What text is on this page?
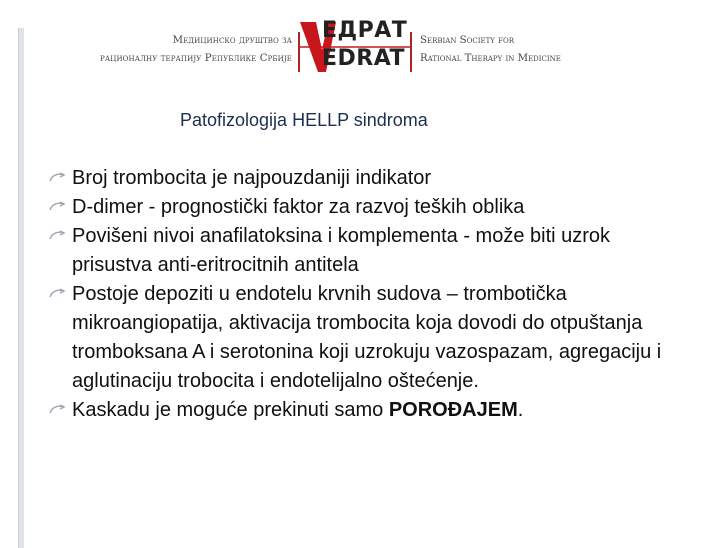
Медицинско друштво за
рационалну терапију Републике Србије
ЕДРАТ
EDRAT
Serbian Society for
Rational Therapy in Medicine
Patofizologija HELLP sindroma
Broj trombocita je najpouzdaniji indikator
D-dimer - prognostički faktor za razvoj teških oblika
Povišeni nivoi anafilatoksina i komplementa - može biti uzrok prisustva anti-eritrocitnih antitela
Postoje depoziti u endotelu krvnih sudova – trombotička mikroangiopatija, aktivacija trombocita koja dovodi do otpuštanja tromboksana A i serotonina koji uzrokuju vazospazam, agregaciju i aglutinaciju trobocita i endotelijalno oštećenje.
Kaskadu je moguće prekinuti samo POROĐAJEM.
